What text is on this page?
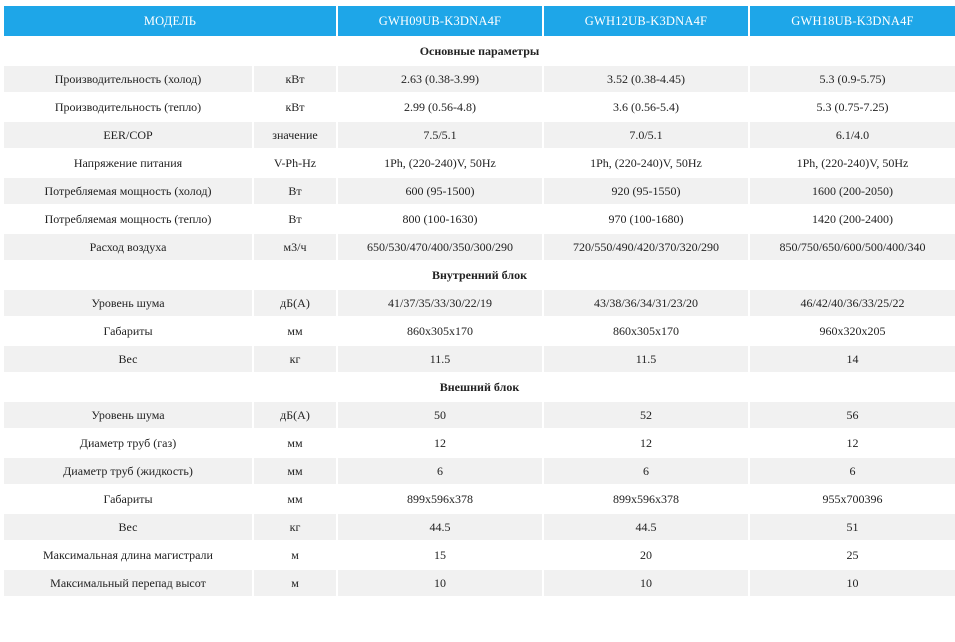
МОДЕЛЬ		GWH09UB-K3DNA4F	GWH12UB-K3DNA4F	GWH18UB-K3DNA4F
Основные параметры				
Производительность (холод)	кВт	2.63 (0.38-3.99)	3.52 (0.38-4.45)	5.3 (0.9-5.75)
Производительность (тепло)	кВт	2.99 (0.56-4.8)	3.6 (0.56-5.4)	5.3 (0.75-7.25)
EER/COP	значение	7.5/5.1	7.0/5.1	6.1/4.0
Напряжение питания	V-Ph-Hz	1Ph, (220-240)V, 50Hz	1Ph, (220-240)V, 50Hz	1Ph, (220-240)V, 50Hz
Потребляемая мощность (холод)	Вт	600 (95-1500)	920 (95-1550)	1600 (200-2050)
Потребляемая мощность (тепло)	Вт	800 (100-1630)	970 (100-1680)	1420 (200-2400)
Расход воздуха	м3/ч	650/530/470/400/350/300/290	720/550/490/420/370/320/290	850/750/650/600/500/400/340
Внутренний блок				
Уровень шума	дБ(А)	41/37/35/33/30/22/19	43/38/36/34/31/23/20	46/42/40/36/33/25/22
Габариты	мм	860x305x170	860x305x170	960x320x205
Вес	кг	11.5	11.5	14
Внешний блок				
Уровень шума	дБ(А)	50	52	56
Диаметр труб (газ)	мм	12	12	12
Диаметр труб (жидкость)	мм	6	6	6
Габариты	мм	899x596x378	899x596x378	955x700396
Вес	кг	44.5	44.5	51
Максимальная длина магистрали	м	15	20	25
Максимальный перепад высот	м	10	10	10
